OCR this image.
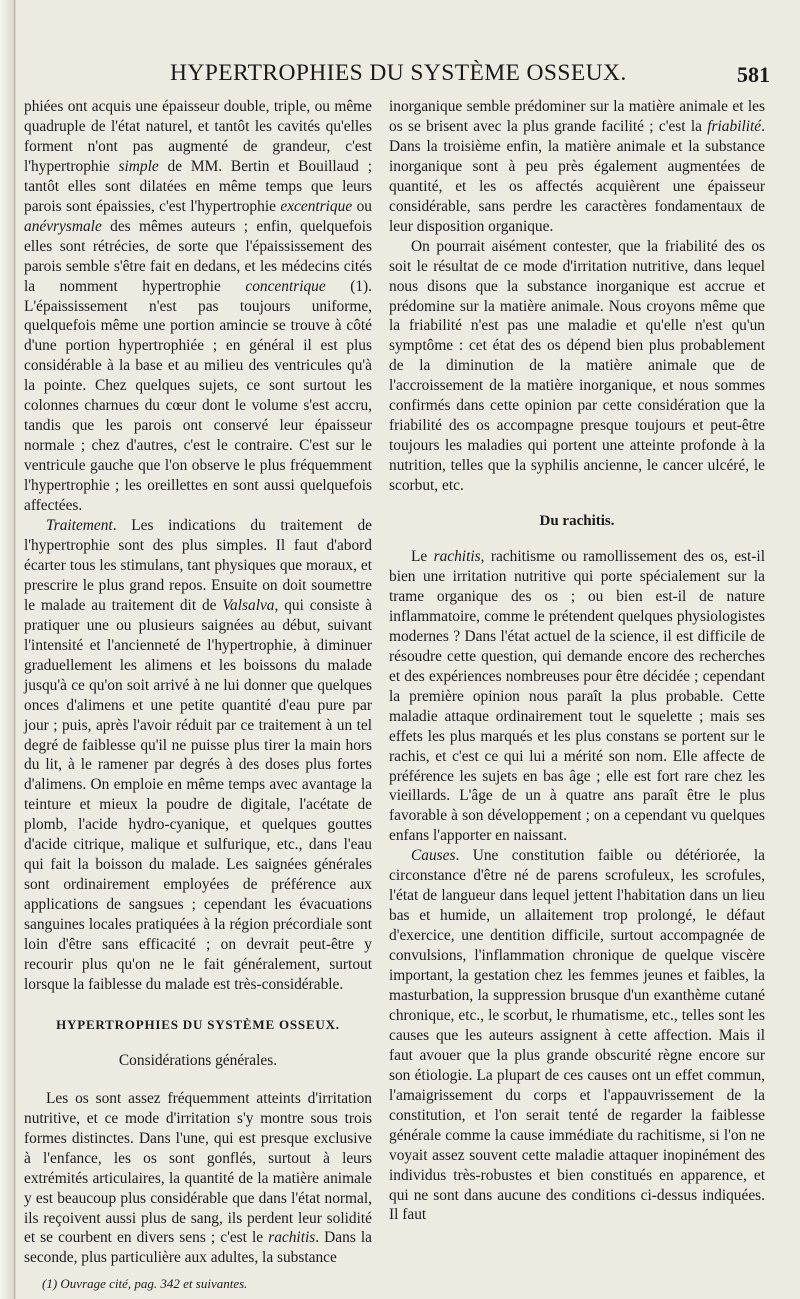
HYPERTROPHIES DU SYSTÈME OSSEUX.	581

phiées ont acquis une épaisseur double, triple, ou même quadruple de l'état naturel, et tantôt les cavités qu'elles forment n'ont pas augmenté de grandeur, c'est l'hypertrophie simple de MM. Bertin et Bouillaud ; tantôt elles sont dilatées en même temps que leurs parois sont épaissies, c'est l'hypertrophie excentrique ou anévrysmale des mêmes auteurs ; enfin, quelquefois elles sont rétrécies, de sorte que l'épaississement des parois semble s'être fait en dedans, et les médecins cités la nomment hypertrophie concentrique (1). L'épaississement n'est pas toujours uniforme, quelquefois même une portion amincie se trouve à côté d'une portion hypertrophiée ; en général il est plus considérable à la base et au milieu des ventricules qu'à la pointe. Chez quelques sujets, ce sont surtout les colonnes charnues du cœur dont le volume s'est accru, tandis que les parois ont conservé leur épaisseur normale ; chez d'autres, c'est le contraire. C'est sur le ventricule gauche que l'on observe le plus fréquemment l'hypertrophie ; les oreillettes en sont aussi quelquefois affectées.

Traitement. Les indications du traitement de l'hypertrophie sont des plus simples. Il faut d'abord écarter tous les stimulans, tant physiques que moraux, et prescrire le plus grand repos. Ensuite on doit soumettre le malade au traitement dit de Valsalva, qui consiste à pratiquer une ou plusieurs saignées au début, suivant l'intensité et l'ancienneté de l'hypertrophie, à diminuer graduellement les alimens et les boissons du malade jusqu'à ce qu'on soit arrivé à ne lui donner que quelques onces d'alimens et une petite quantité d'eau pure par jour ; puis, après l'avoir réduit par ce traitement à un tel degré de faiblesse qu'il ne puisse plus tirer la main hors du lit, à le ramener par degrés à des doses plus fortes d'alimens. On emploie en même temps avec avantage la teinture et mieux la poudre de digitale, l'acétate de plomb, l'acide hydro-cyanique, et quelques gouttes d'acide citrique, malique et sulfurique, etc., dans l'eau qui fait la boisson du malade. Les saignées générales sont ordinairement employées de préférence aux applications de sangsues ; cependant les évacuations sanguines locales pratiquées à la région précordiale sont loin d'être sans efficacité ; on devrait peut-être y recourir plus qu'on ne le fait généralement, surtout lorsque la faiblesse du malade est très-considérable.

HYPERTROPHIES DU SYSTÈME OSSEUX.
Considérations générales.

Les os sont assez fréquemment atteints d'irritation nutritive, et ce mode d'irritation s'y montre sous trois formes distinctes. Dans l'une, qui est presque exclusive à l'enfance, les os sont gonflés, surtout à leurs extrémités articulaires, la quantité de la matière animale y est beaucoup plus considérable que dans l'état normal, ils reçoivent aussi plus de sang, ils perdent leur solidité et se courbent en divers sens ; c'est le rachitis. Dans la seconde, plus particulière aux adultes, la substance

(1) Ouvrage cité, pag. 342 et suivantes.

inorganique semble prédominer sur la matière animale et les os se brisent avec la plus grande facilité ; c'est la friabilité. Dans la troisième enfin, la matière animale et la substance inorganique sont à peu près également augmentées de quantité, et les os affectés acquièrent une épaisseur considérable, sans perdre les caractères fondamentaux de leur disposition organique.

On pourrait aisément contester, que la friabilité des os soit le résultat de ce mode d'irritation nutritive, dans lequel nous disons que la substance inorganique est accrue et prédomine sur la matière animale. Nous croyons même que la friabilité n'est pas une maladie et qu'elle n'est qu'un symptôme : cet état des os dépend bien plus probablement de la diminution de la matière animale que de l'accroissement de la matière inorganique, et nous sommes confirmés dans cette opinion par cette considération que la friabilité des os accompagne presque toujours et peut-être toujours les maladies qui portent une atteinte profonde à la nutrition, telles que la syphilis ancienne, le cancer ulcéré, le scorbut, etc.

Du rachitis.

Le rachitis, rachitisme ou ramollissement des os, est-il bien une irritation nutritive qui porte spécialement sur la trame organique des os ; ou bien est-il de nature inflammatoire, comme le prétendent quelques physiologistes modernes ? Dans l'état actuel de la science, il est difficile de résoudre cette question, qui demande encore des recherches et des expériences nombreuses pour être décidée ; cependant la première opinion nous paraît la plus probable. Cette maladie attaque ordinairement tout le squelette ; mais ses effets les plus marqués et les plus constans se portent sur le rachis, et c'est ce qui lui a mérité son nom. Elle affecte de préférence les sujets en bas âge ; elle est fort rare chez les vieillards. L'âge de un à quatre ans paraît être le plus favorable à son développement ; on a cependant vu quelques enfans l'apporter en naissant.

Causes. Une constitution faible ou détériorée, la circonstance d'être né de parens scrofuleux, les scrofules, l'état de langueur dans lequel jettent l'habitation dans un lieu bas et humide, un allaitement trop prolongé, le défaut d'exercice, une dentition difficile, surtout accompagnée de convulsions, l'inflammation chronique de quelque viscère important, la gestation chez les femmes jeunes et faibles, la masturbation, la suppression brusque d'un exanthème cutané chronique, etc., le scorbut, le rhumatisme, etc., telles sont les causes que les auteurs assignent à cette affection. Mais il faut avouer que la plus grande obscurité règne encore sur son étiologie. La plupart de ces causes ont un effet commun, l'amaigrissement du corps et l'appauvrissement de la constitution, et l'on serait tenté de regarder la faiblesse générale comme la cause immédiate du rachitisme, si l'on ne voyait assez souvent cette maladie attaquer inopinément des individus très-robustes et bien constitués en apparence, et qui ne sont dans aucune des conditions ci-dessus indiquées. Il faut
